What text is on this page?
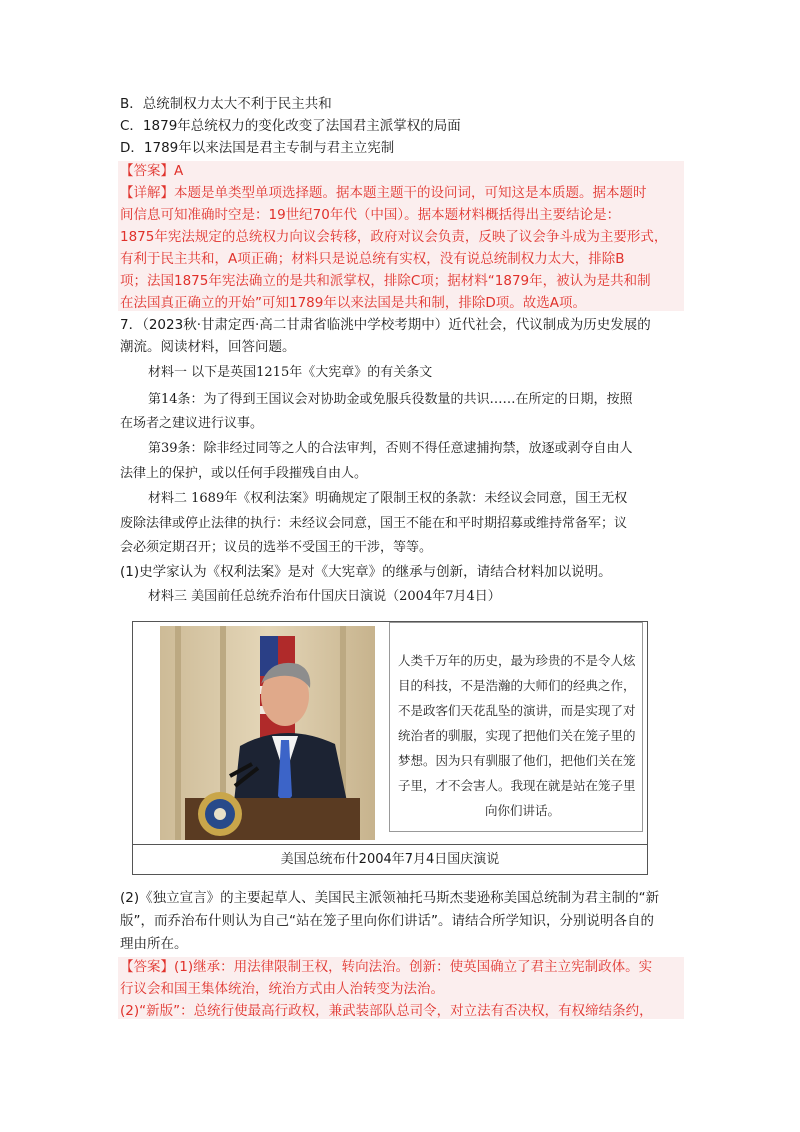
B．总统制权力太大不利于民主共和
C．1879年总统权力的变化改变了法国君主派掌权的局面
D．1789年以来法国是君主专制与君主立宪制
【答案】A
【详解】本题是单类型单项选择题。据本题主题干的设问词，可知这是本质题。据本题时
间信息可知准确时空是：19世纪70年代（中国）。据本题材料概括得出主要结论是：
1875年宪法规定的总统权力向议会转移，政府对议会负责，反映了议会争斗成为主要形式，
有利于民主共和，A项正确；材料只是说总统有实权，没有说总统制权力太大，排除B
项；法国1875年宪法确立的是共和派掌权，排除C项；据材料“1879年，被认为是共和制
在法国真正确立的开始”可知1789年以来法国是共和制，排除D项。故选A项。
7．（2023秋·甘肃定西·高二甘肃省临洮中学校考期中）近代社会，代议制成为历史发展的
潮流。阅读材料，回答问题。
材料一 以下是英国1215年《大宪章》的有关条文
第14条：为了得到王国议会对协助金或免服兵役数量的共识……在所定的日期，按照
在场者之建议进行议事。
第39条：除非经过同等之人的合法审判，否则不得任意逮捕拘禁，放逐或剥夺自由人
法律上的保护，或以任何手段摧残自由人。
材料二 1689年《权利法案》明确规定了限制王权的条款：未经议会同意，国王无权
废除法律或停止法律的执行：未经议会同意，国王不能在和平时期招募或维持常备军；议
会必须定期召开；议员的选举不受国王的干涉，等等。
(1)史学家认为《权利法案》是对《大宪章》的继承与创新，请结合材料加以说明。
材料三 美国前任总统乔治布什国庆日演说（2004年7月4日）
人类千万年的历史，最为珍贵的不是令人炫
目的科技，不是浩瀚的大师们的经典之作，
不是政客们天花乱坠的演讲，而是实现了对
统治者的驯服，实现了把他们关在笼子里的
梦想。因为只有驯服了他们，把他们关在笼
子里，才不会害人。我现在就是站在笼子里
向你们讲话。
美国总统布什2004年7月4日国庆演说
(2)《独立宣言》的主要起草人、美国民主派领袖托马斯杰斐逊称美国总统制为君主制的“新
版”，而乔治布什则认为自己“站在笼子里向你们讲话”。请结合所学知识，分别说明各自的
理由所在。
【答案】(1)继承：用法律限制王权，转向法治。创新：使英国确立了君主立宪制政体。实
行议会和国王集体统治，统治方式由人治转变为法治。
(2)“新版”：总统行使最高行政权，兼武装部队总司令，对立法有否决权，有权缔结条约，
